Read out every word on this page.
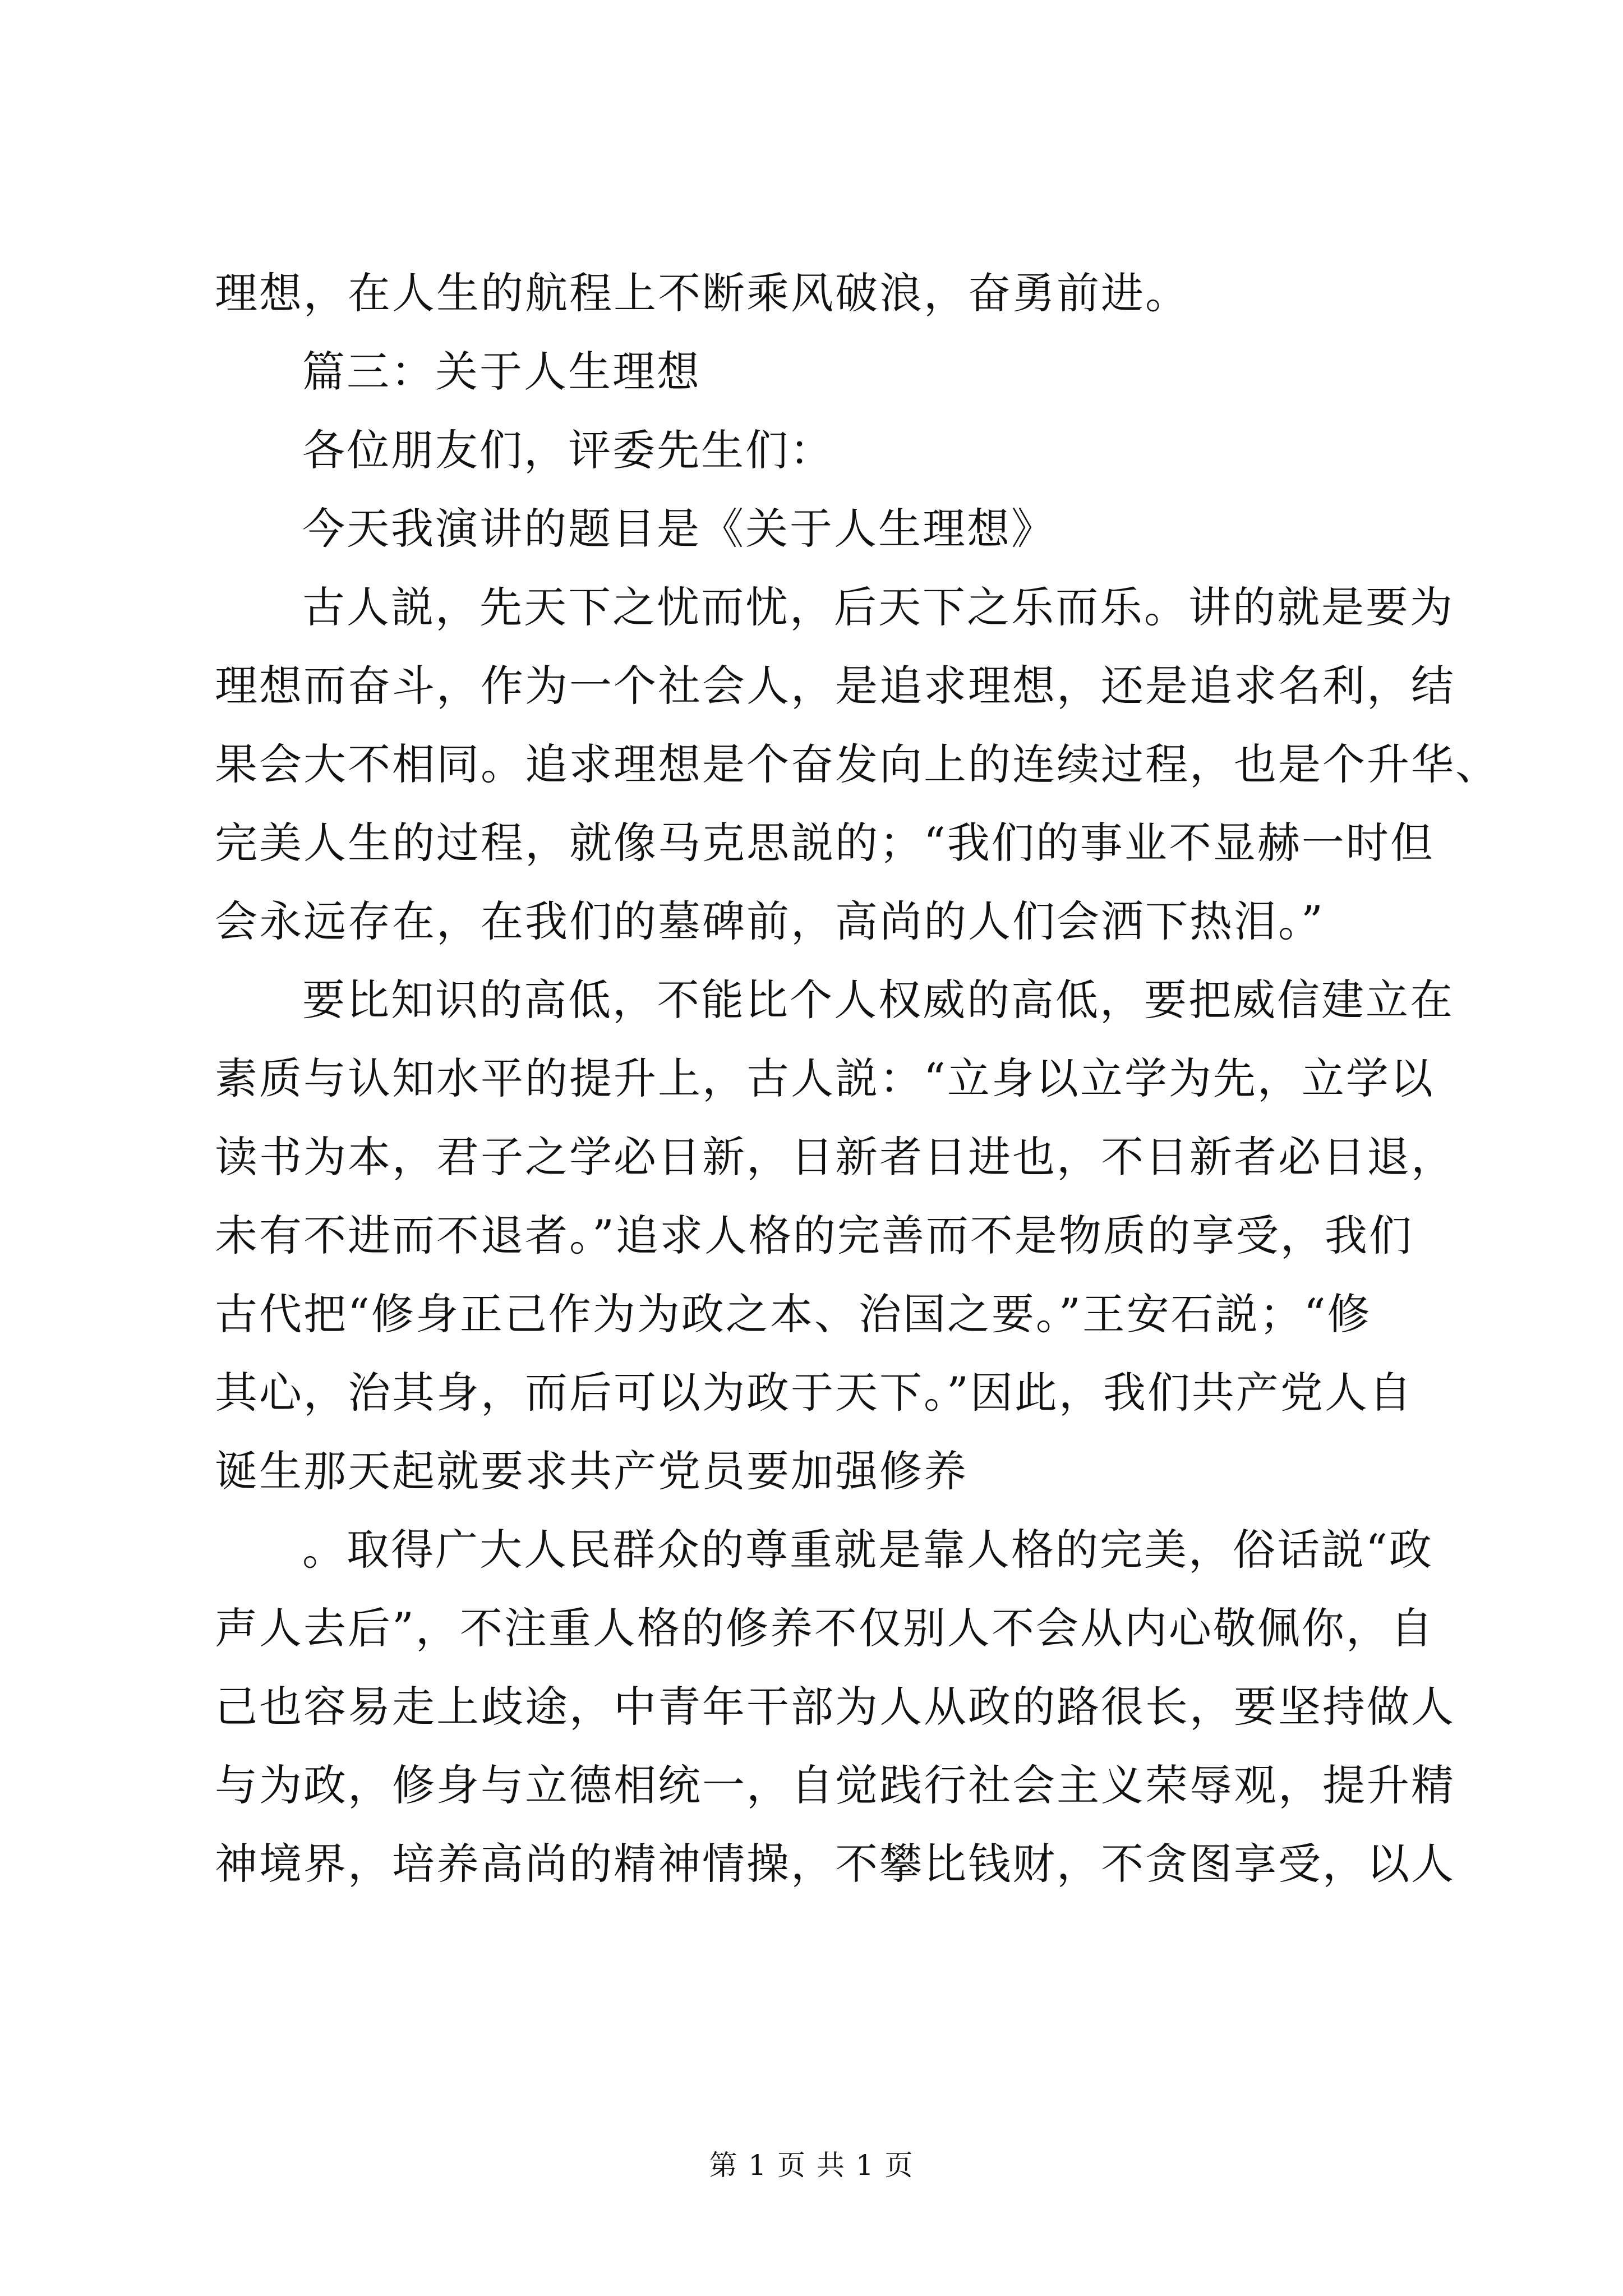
理想，在人生的航程上不断乘风破浪，奋勇前进。
篇三：关于人生理想
各位朋友们，评委先生们：
今天我演讲的题目是《关于人生理想》
古人説，先天下之忧而忧，后天下之乐而乐。讲的就是要为
理想而奋斗，作为一个社会人，是追求理想，还是追求名利，结
果会大不相同。追求理想是个奋发向上的连续过程，也是个升华、
完美人生的过程，就像马克思説的；“我们的事业不显赫一时但
会永远存在，在我们的墓碑前，高尚的人们会洒下热泪。”
要比知识的高低，不能比个人权威的高低，要把威信建立在
素质与认知水平的提升上，古人説：“立身以立学为先，立学以
读书为本，君子之学必日新，日新者日进也，不日新者必日退，
未有不进而不退者。”追求人格的完善而不是物质的享受，我们
古代把“修身正己作为为政之本、治国之要。”王安石説；“修
其心，治其身，而后可以为政于天下。”因此，我们共产党人自
诞生那天起就要求共产党员要加强修养
。取得广大人民群众的尊重就是靠人格的完美，俗话説“政
声人去后”，不注重人格的修养不仅别人不会从内心敬佩你，自
己也容易走上歧途，中青年干部为人从政的路很长，要坚持做人
与为政，修身与立德相统一，自觉践行社会主义荣辱观，提升精
神境界，培养高尚的精神情操，不攀比钱财，不贪图享受，以人
第 1 页 共 1 页
